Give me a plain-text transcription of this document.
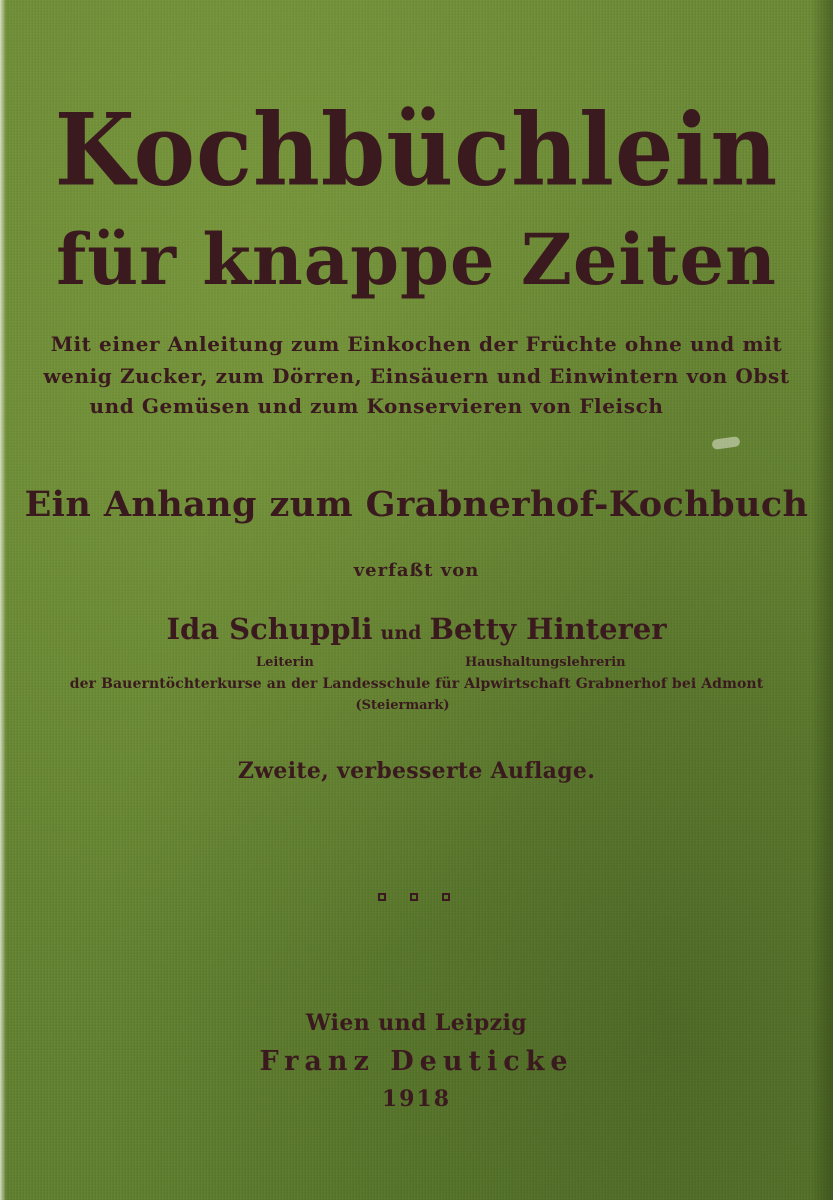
Kochbüchlein
für knappe Zeiten
Mit einer Anleitung zum Einkochen der Früchte ohne und mit
wenig Zucker, zum Dörren, Einsäuern und Einwintern von Obst
und Gemüsen und zum Konservieren von Fleisch
Ein Anhang zum Grabnerhof-Kochbuch
verfaßt von
Ida Schuppli und Betty Hinterer
Leiterin	Haushaltungslehrerin
der Bauerntöchterkurse an der Landesschule für Alpwirtschaft Grabnerhof bei Admont
(Steiermark)
Zweite, verbesserte Auflage.
Wien und Leipzig
Franz Deuticke
1918
